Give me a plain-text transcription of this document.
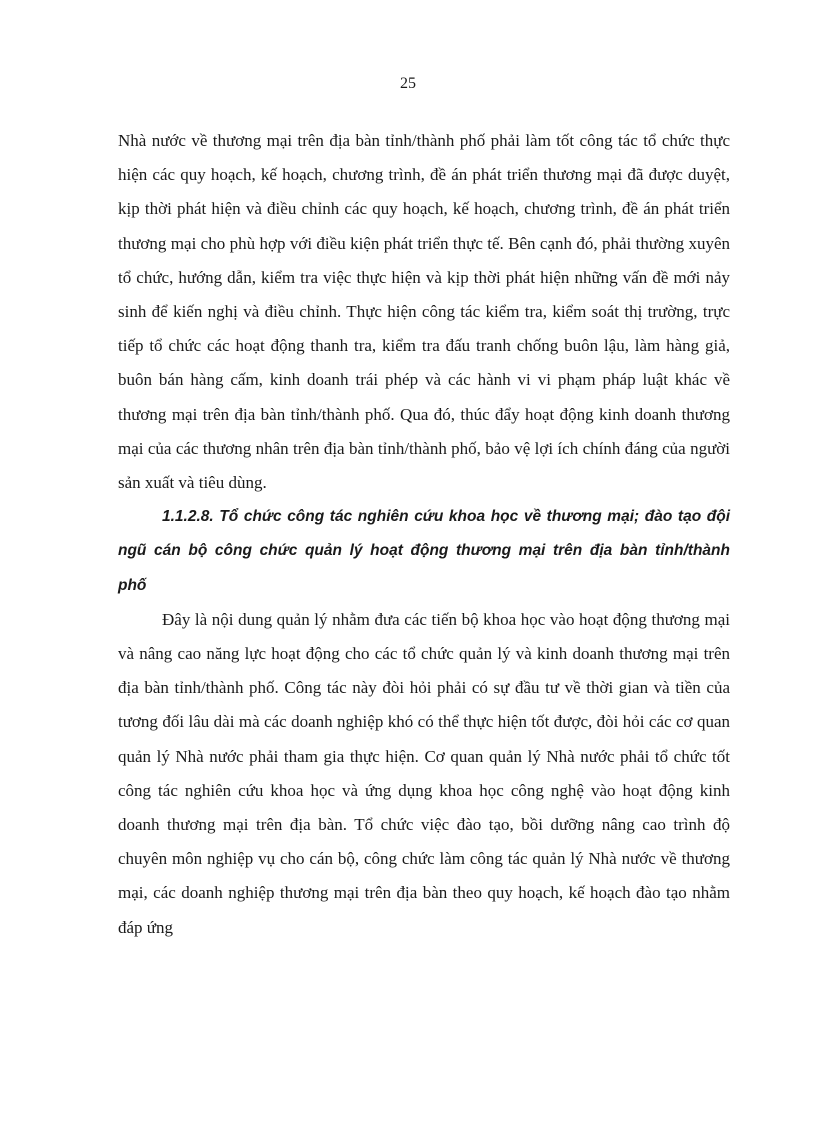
25

Nhà nước về thương mại trên địa bàn tỉnh/thành phố phải làm tốt công tác tổ chức thực hiện các quy hoạch, kế hoạch, chương trình, đề án phát triển thương mại đã được duyệt, kịp thời phát hiện và điều chỉnh các quy hoạch, kế hoạch, chương trình, đề án phát triển thương mại cho phù hợp với điều kiện phát triển thực tế. Bên cạnh đó, phải thường xuyên tổ chức, hướng dẫn, kiểm tra việc thực hiện và kịp thời phát hiện những vấn đề mới nảy sinh để kiến nghị và điều chỉnh. Thực hiện công tác kiểm tra, kiểm soát thị trường, trực tiếp tổ chức các hoạt động thanh tra, kiểm tra đấu tranh chống buôn lậu, làm hàng giả, buôn bán hàng cấm, kinh doanh trái phép và các hành vi vi phạm pháp luật khác về thương mại trên địa bàn tỉnh/thành phố. Qua đó, thúc đẩy hoạt động kinh doanh thương mại của các thương nhân trên địa bàn tỉnh/thành phố, bảo vệ lợi ích chính đáng của người sản xuất và tiêu dùng.

1.1.2.8. Tổ chức công tác nghiên cứu khoa học về thương mại; đào tạo đội ngũ cán bộ công chức quản lý hoạt động thương mại trên địa bàn tỉnh/thành phố

Đây là nội dung quản lý nhằm đưa các tiến bộ khoa học vào hoạt động thương mại và nâng cao năng lực hoạt động cho các tổ chức quản lý và kinh doanh thương mại trên địa bàn tỉnh/thành phố. Công tác này đòi hỏi phải có sự đầu tư về thời gian và tiền của tương đối lâu dài mà các doanh nghiệp khó có thể thực hiện tốt được, đòi hỏi các cơ quan quản lý Nhà nước phải tham gia thực hiện. Cơ quan quản lý Nhà nước phải tổ chức tốt công tác nghiên cứu khoa học và ứng dụng khoa học công nghệ vào hoạt động kinh doanh thương mại trên địa bàn. Tổ chức việc đào tạo, bồi dưỡng nâng cao trình độ chuyên môn nghiệp vụ cho cán bộ, công chức làm công tác quản lý Nhà nước về thương mại, các doanh nghiệp thương mại trên địa bàn theo quy hoạch, kế hoạch đào tạo nhằm đáp ứng
